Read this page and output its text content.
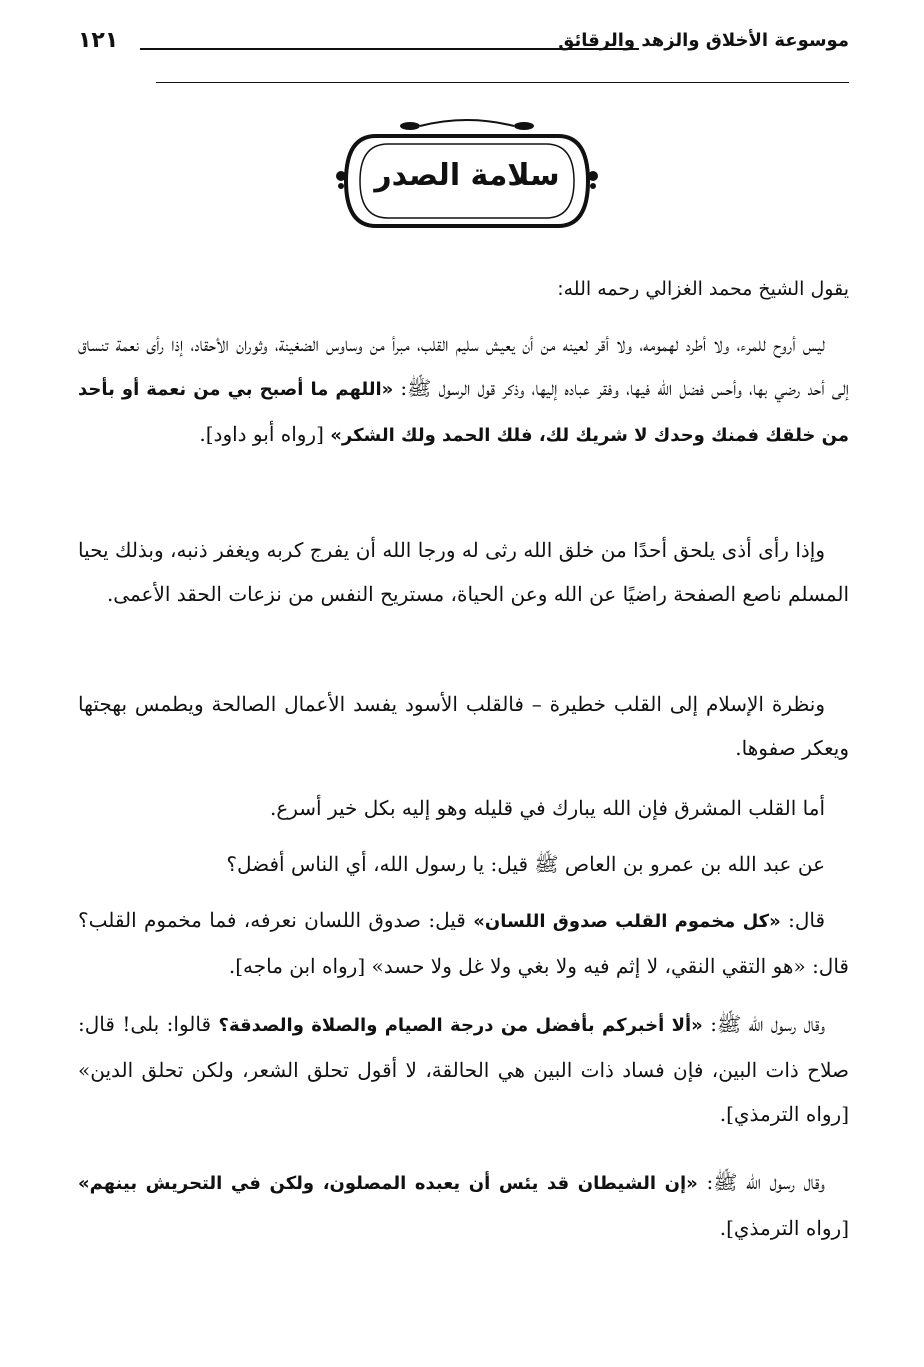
١٢١	موسوعة الأخلاق والزهد والرقائق
سلامة الصدر
يقول الشيخ محمد الغزالي رحمه الله:

ليس أروح للمرء، ولا أطرد لهمومه، ولا أقر لعينه من أن يعيش سليم القلب، مبرأ من وساوس الضغينة، وثوران الأحقاد، إذا رأى نعمة تنساق إلى أحد رضي بها، وأحس فضل الله فيها، وفقر عباده إليها، وذكر قول الرسول ﷺ: «اللهم ما أصبح بي من نعمة أو بأحد من خلقك فمنك وحدك لا شريك لك، فلك الحمد ولك الشكر» [رواه أبو داود].

وإذا رأى أذى يلحق أحدًا من خلق الله رثى له ورجا الله أن يفرج كربه ويغفر ذنبه، وبذلك يحيا المسلم ناصع الصفحة راضيًا عن الله وعن الحياة، مستريح النفس من نزعات الحقد الأعمى.

ونظرة الإسلام إلى القلب خطيرة – فالقلب الأسود يفسد الأعمال الصالحة ويطمس بهجتها ويعكر صفوها.

أما القلب المشرق فإن الله يبارك في قليله وهو إليه بكل خير أسرع.

عن عبد الله بن عمرو بن العاص ﷺ قيل: يا رسول الله، أي الناس أفضل؟

قال: «كل مخموم القلب صدوق اللسان» قيل: صدوق اللسان نعرفه، فما مخموم القلب؟ قال: «هو التقي النقي، لا إثم فيه ولا بغي ولا غل ولا حسد» [رواه ابن ماجه].

وقال رسول الله ﷺ: «ألا أخبركم بأفضل من درجة الصيام والصلاة والصدقة؟ قالوا: بلى! قال: صلاح ذات البين، فإن فساد ذات البين هي الحالقة، لا أقول تحلق الشعر، ولكن تحلق الدين» [رواه الترمذي].

وقال رسول الله ﷺ: «إن الشيطان قد يئس أن يعبده المصلون، ولكن في التحريش بينهم» [رواه الترمذي].
